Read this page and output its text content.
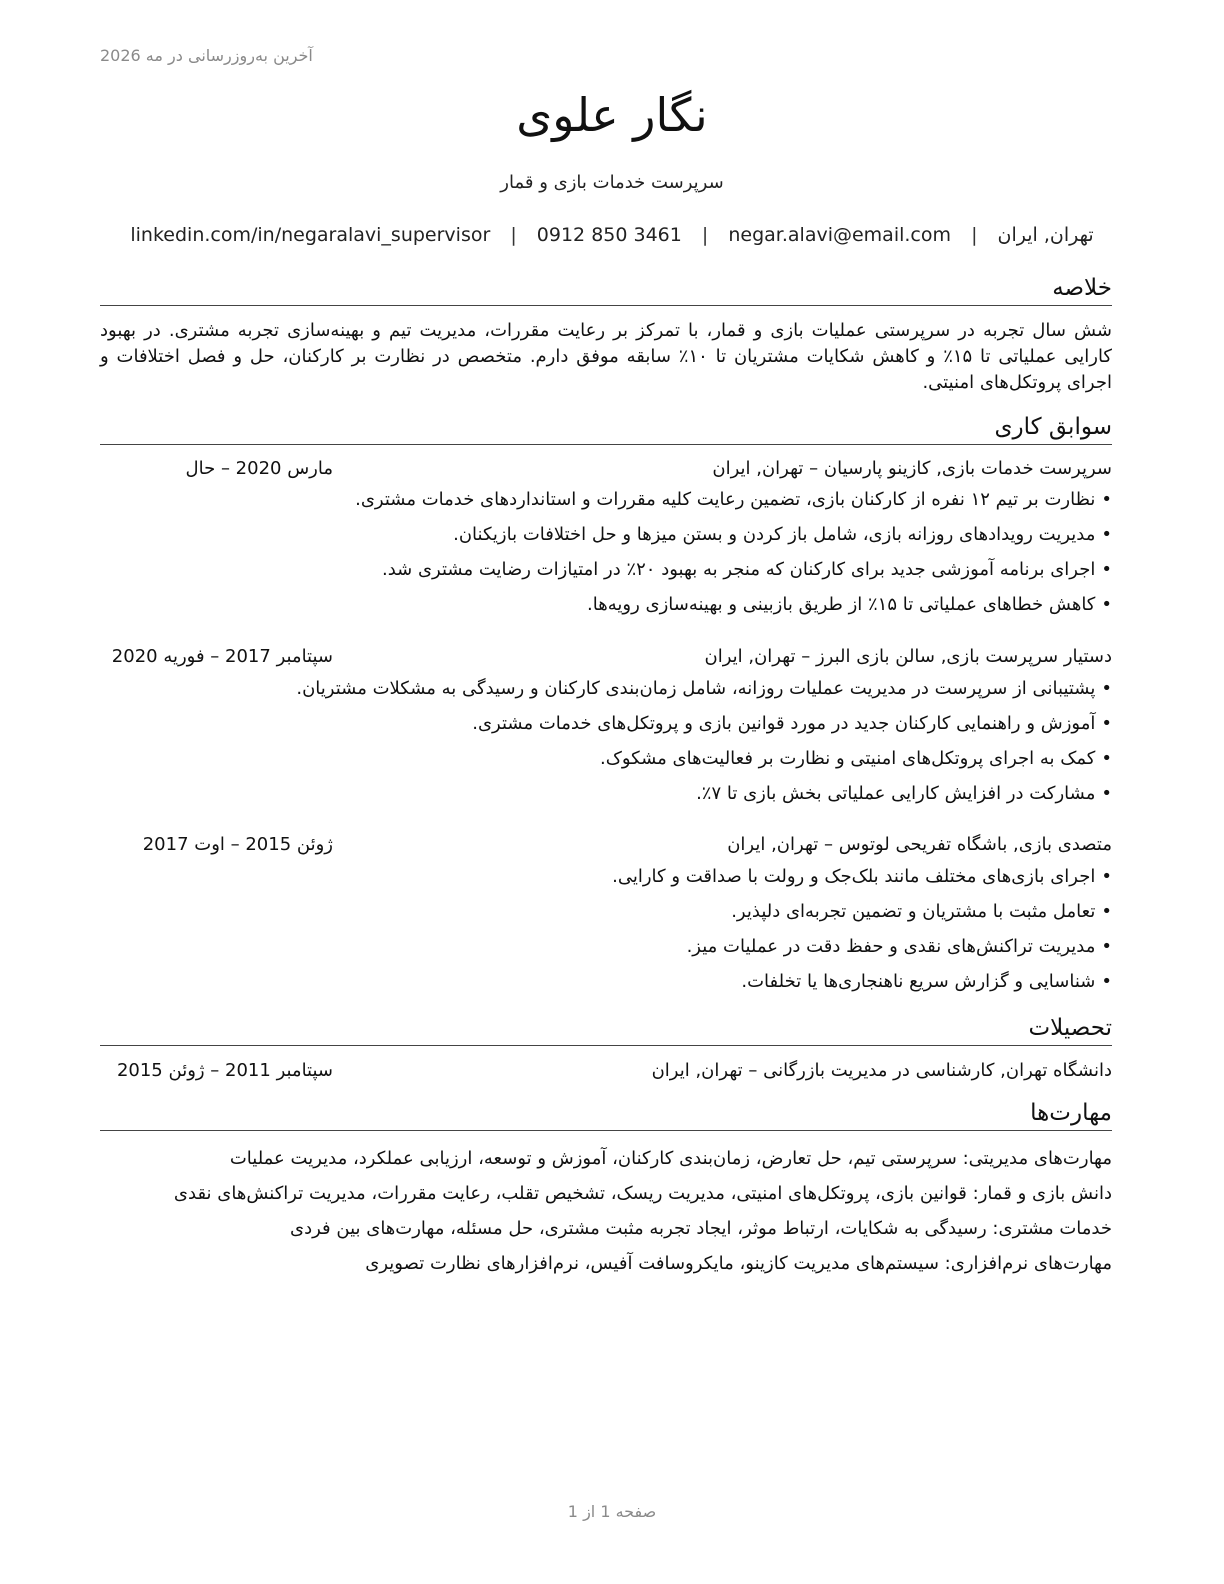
آخرین به‌روزرسانی در مه 2026
نگار علوی
سرپرست خدمات بازی و قمار
تهران, ایران | negar.alavi@email.com | 0912 850 3461 | linkedin.com/in/negaralavi_supervisor
خلاصه
شش سال تجربه در سرپرستی عملیات بازی و قمار، با تمرکز بر رعایت مقررات، مدیریت تیم و بهینه‌سازی تجربه مشتری. در بهبود کارایی عملیاتی تا ۱۵٪ و کاهش شکایات مشتریان تا ۱۰٪ سابقه موفق دارم. متخصص در نظارت بر کارکنان، حل و فصل اختلافات و اجرای پروتکل‌های امنیتی.
سوابق کاری
سرپرست خدمات بازی, کازینو پارسیان – تهران, ایران
مارس 2020 – حال
• نظارت بر تیم ۱۲ نفره از کارکنان بازی، تضمین رعایت کلیه مقررات و استانداردهای خدمات مشتری.
• مدیریت رویدادهای روزانه بازی، شامل باز کردن و بستن میزها و حل اختلافات بازیکنان.
• اجرای برنامه آموزشی جدید برای کارکنان که منجر به بهبود ۲۰٪ در امتیازات رضایت مشتری شد.
• کاهش خطاهای عملیاتی تا ۱۵٪ از طریق بازبینی و بهینه‌سازی رویه‌ها.
دستیار سرپرست بازی, سالن بازی البرز – تهران, ایران
سپتامبر 2017 – فوریه 2020
• پشتیبانی از سرپرست در مدیریت عملیات روزانه، شامل زمان‌بندی کارکنان و رسیدگی به مشکلات مشتریان.
• آموزش و راهنمایی کارکنان جدید در مورد قوانین بازی و پروتکل‌های خدمات مشتری.
• کمک به اجرای پروتکل‌های امنیتی و نظارت بر فعالیت‌های مشکوک.
• مشارکت در افزایش کارایی عملیاتی بخش بازی تا ۷٪.
متصدی بازی, باشگاه تفریحی لوتوس – تهران, ایران
ژوئن 2015 – اوت 2017
• اجرای بازی‌های مختلف مانند بلک‌جک و رولت با صداقت و کارایی.
• تعامل مثبت با مشتریان و تضمین تجربه‌ای دلپذیر.
• مدیریت تراکنش‌های نقدی و حفظ دقت در عملیات میز.
• شناسایی و گزارش سریع ناهنجاری‌ها یا تخلفات.
تحصیلات
دانشگاه تهران, کارشناسی در مدیریت بازرگانی – تهران, ایران
سپتامبر 2011 – ژوئن 2015
مهارت‌ها
مهارت‌های مدیریتی: سرپرستی تیم، حل تعارض، زمان‌بندی کارکنان، آموزش و توسعه، ارزیابی عملکرد، مدیریت عملیات
دانش بازی و قمار: قوانین بازی، پروتکل‌های امنیتی، مدیریت ریسک، تشخیص تقلب، رعایت مقررات، مدیریت تراکنش‌های نقدی
خدمات مشتری: رسیدگی به شکایات، ارتباط موثر، ایجاد تجربه مثبت مشتری، حل مسئله، مهارت‌های بین فردی
مهارت‌های نرم‌افزاری: سیستم‌های مدیریت کازینو، مایکروسافت آفیس، نرم‌افزارهای نظارت تصویری
صفحه 1 از 1
